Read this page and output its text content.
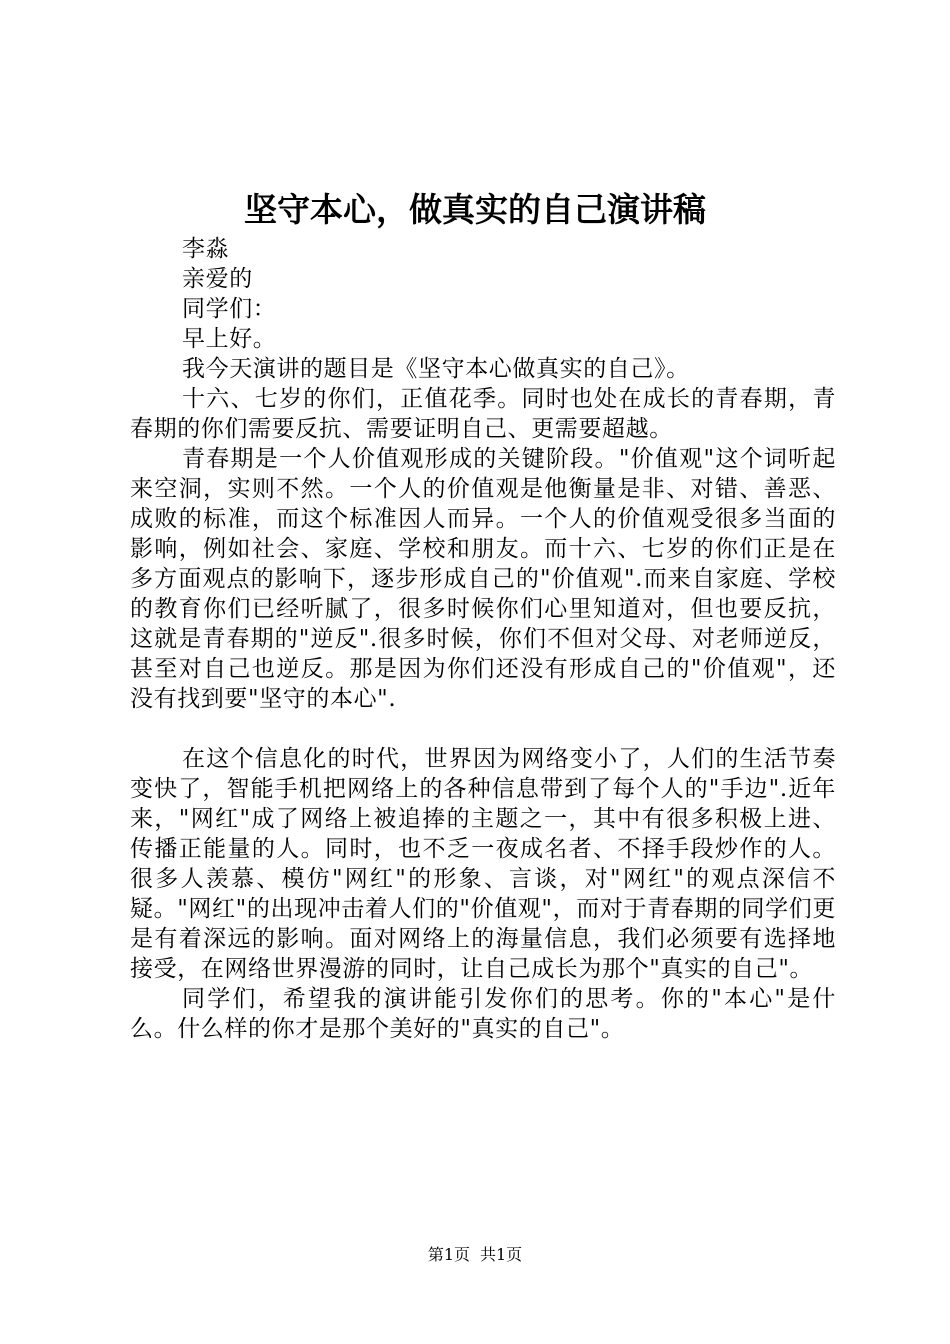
坚守本心，做真实的自己演讲稿

李淼

亲爱的

同学们：

早上好。

我今天演讲的题目是《坚守本心做真实的自己》。

十六、七岁的你们，正值花季。同时也处在成长的青春期，青春期的你们需要反抗、需要证明自己、更需要超越。

青春期是一个人价值观形成的关键阶段。"价值观"这个词听起来空洞，实则不然。一个人的价值观是他衡量是非、对错、善恶、成败的标准，而这个标准因人而异。一个人的价值观受很多当面的影响，例如社会、家庭、学校和朋友。而十六、七岁的你们正是在多方面观点的影响下，逐步形成自己的"价值观".而来自家庭、学校的教育你们已经听腻了，很多时候你们心里知道对，但也要反抗，这就是青春期的"逆反".很多时候，你们不但对父母、对老师逆反，甚至对自己也逆反。那是因为你们还没有形成自己的"价值观"，还没有找到要"坚守的本心".

在这个信息化的时代，世界因为网络变小了，人们的生活节奏变快了，智能手机把网络上的各种信息带到了每个人的"手边".近年来，"网红"成了网络上被追捧的主题之一，其中有很多积极上进、传播正能量的人。同时，也不乏一夜成名者、不择手段炒作的人。很多人羡慕、模仿"网红"的形象、言谈，对"网红"的观点深信不疑。"网红"的出现冲击着人们的"价值观"，而对于青春期的同学们更是有着深远的影响。面对网络上的海量信息，我们必须要有选择地接受，在网络世界漫游的同时，让自己成长为那个"真实的自己"。

同学们，希望我的演讲能引发你们的思考。你的"本心"是什么。什么样的你才是那个美好的"真实的自己"。

第1页 共1页
